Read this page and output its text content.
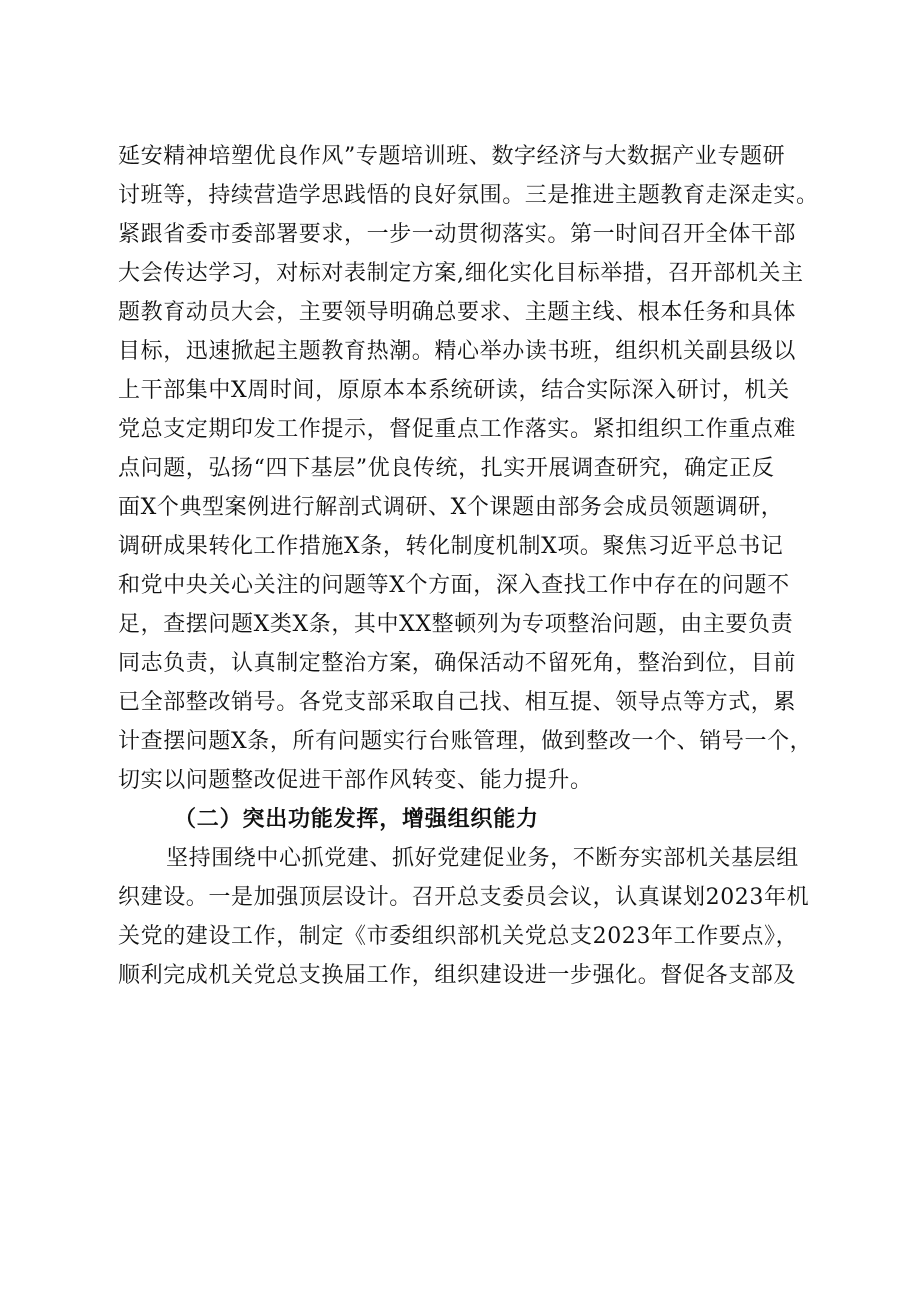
延安精神培塑优良作风”专题培训班、数字经济与大数据产业专题研
讨班等，持续营造学思践悟的良好氛围。三是推进主题教育走深走实。
紧跟省委市委部署要求，一步一动贯彻落实。第一时间召开全体干部
大会传达学习，对标对表制定方案,细化实化目标举措，召开部机关主
题教育动员大会，主要领导明确总要求、主题主线、根本任务和具体
目标，迅速掀起主题教育热潮。精心举办读书班，组织机关副县级以
上干部集中X周时间，原原本本系统研读，结合实际深入研讨，机关
党总支定期印发工作提示，督促重点工作落实。紧扣组织工作重点难
点问题，弘扬“四下基层”优良传统，扎实开展调查研究，确定正反
面X个典型案例进行解剖式调研、X个课题由部务会成员领题调研，
调研成果转化工作措施X条，转化制度机制X项。聚焦习近平总书记
和党中央关心关注的问题等X个方面，深入查找工作中存在的问题不
足，查摆问题X类X条，其中XX整顿列为专项整治问题，由主要负责
同志负责，认真制定整治方案，确保活动不留死角，整治到位，目前
已全部整改销号。各党支部采取自己找、相互提、领导点等方式，累
计查摆问题X条，所有问题实行台账管理，做到整改一个、销号一个，
切实以问题整改促进干部作风转变、能力提升。
（二）突出功能发挥，增强组织能力
坚持围绕中心抓党建、抓好党建促业务，不断夯实部机关基层组
织建设。一是加强顶层设计。召开总支委员会议，认真谋划2023年机
关党的建设工作，制定《市委组织部机关党总支2023年工作要点》，
顺利完成机关党总支换届工作，组织建设进一步强化。督促各支部及
